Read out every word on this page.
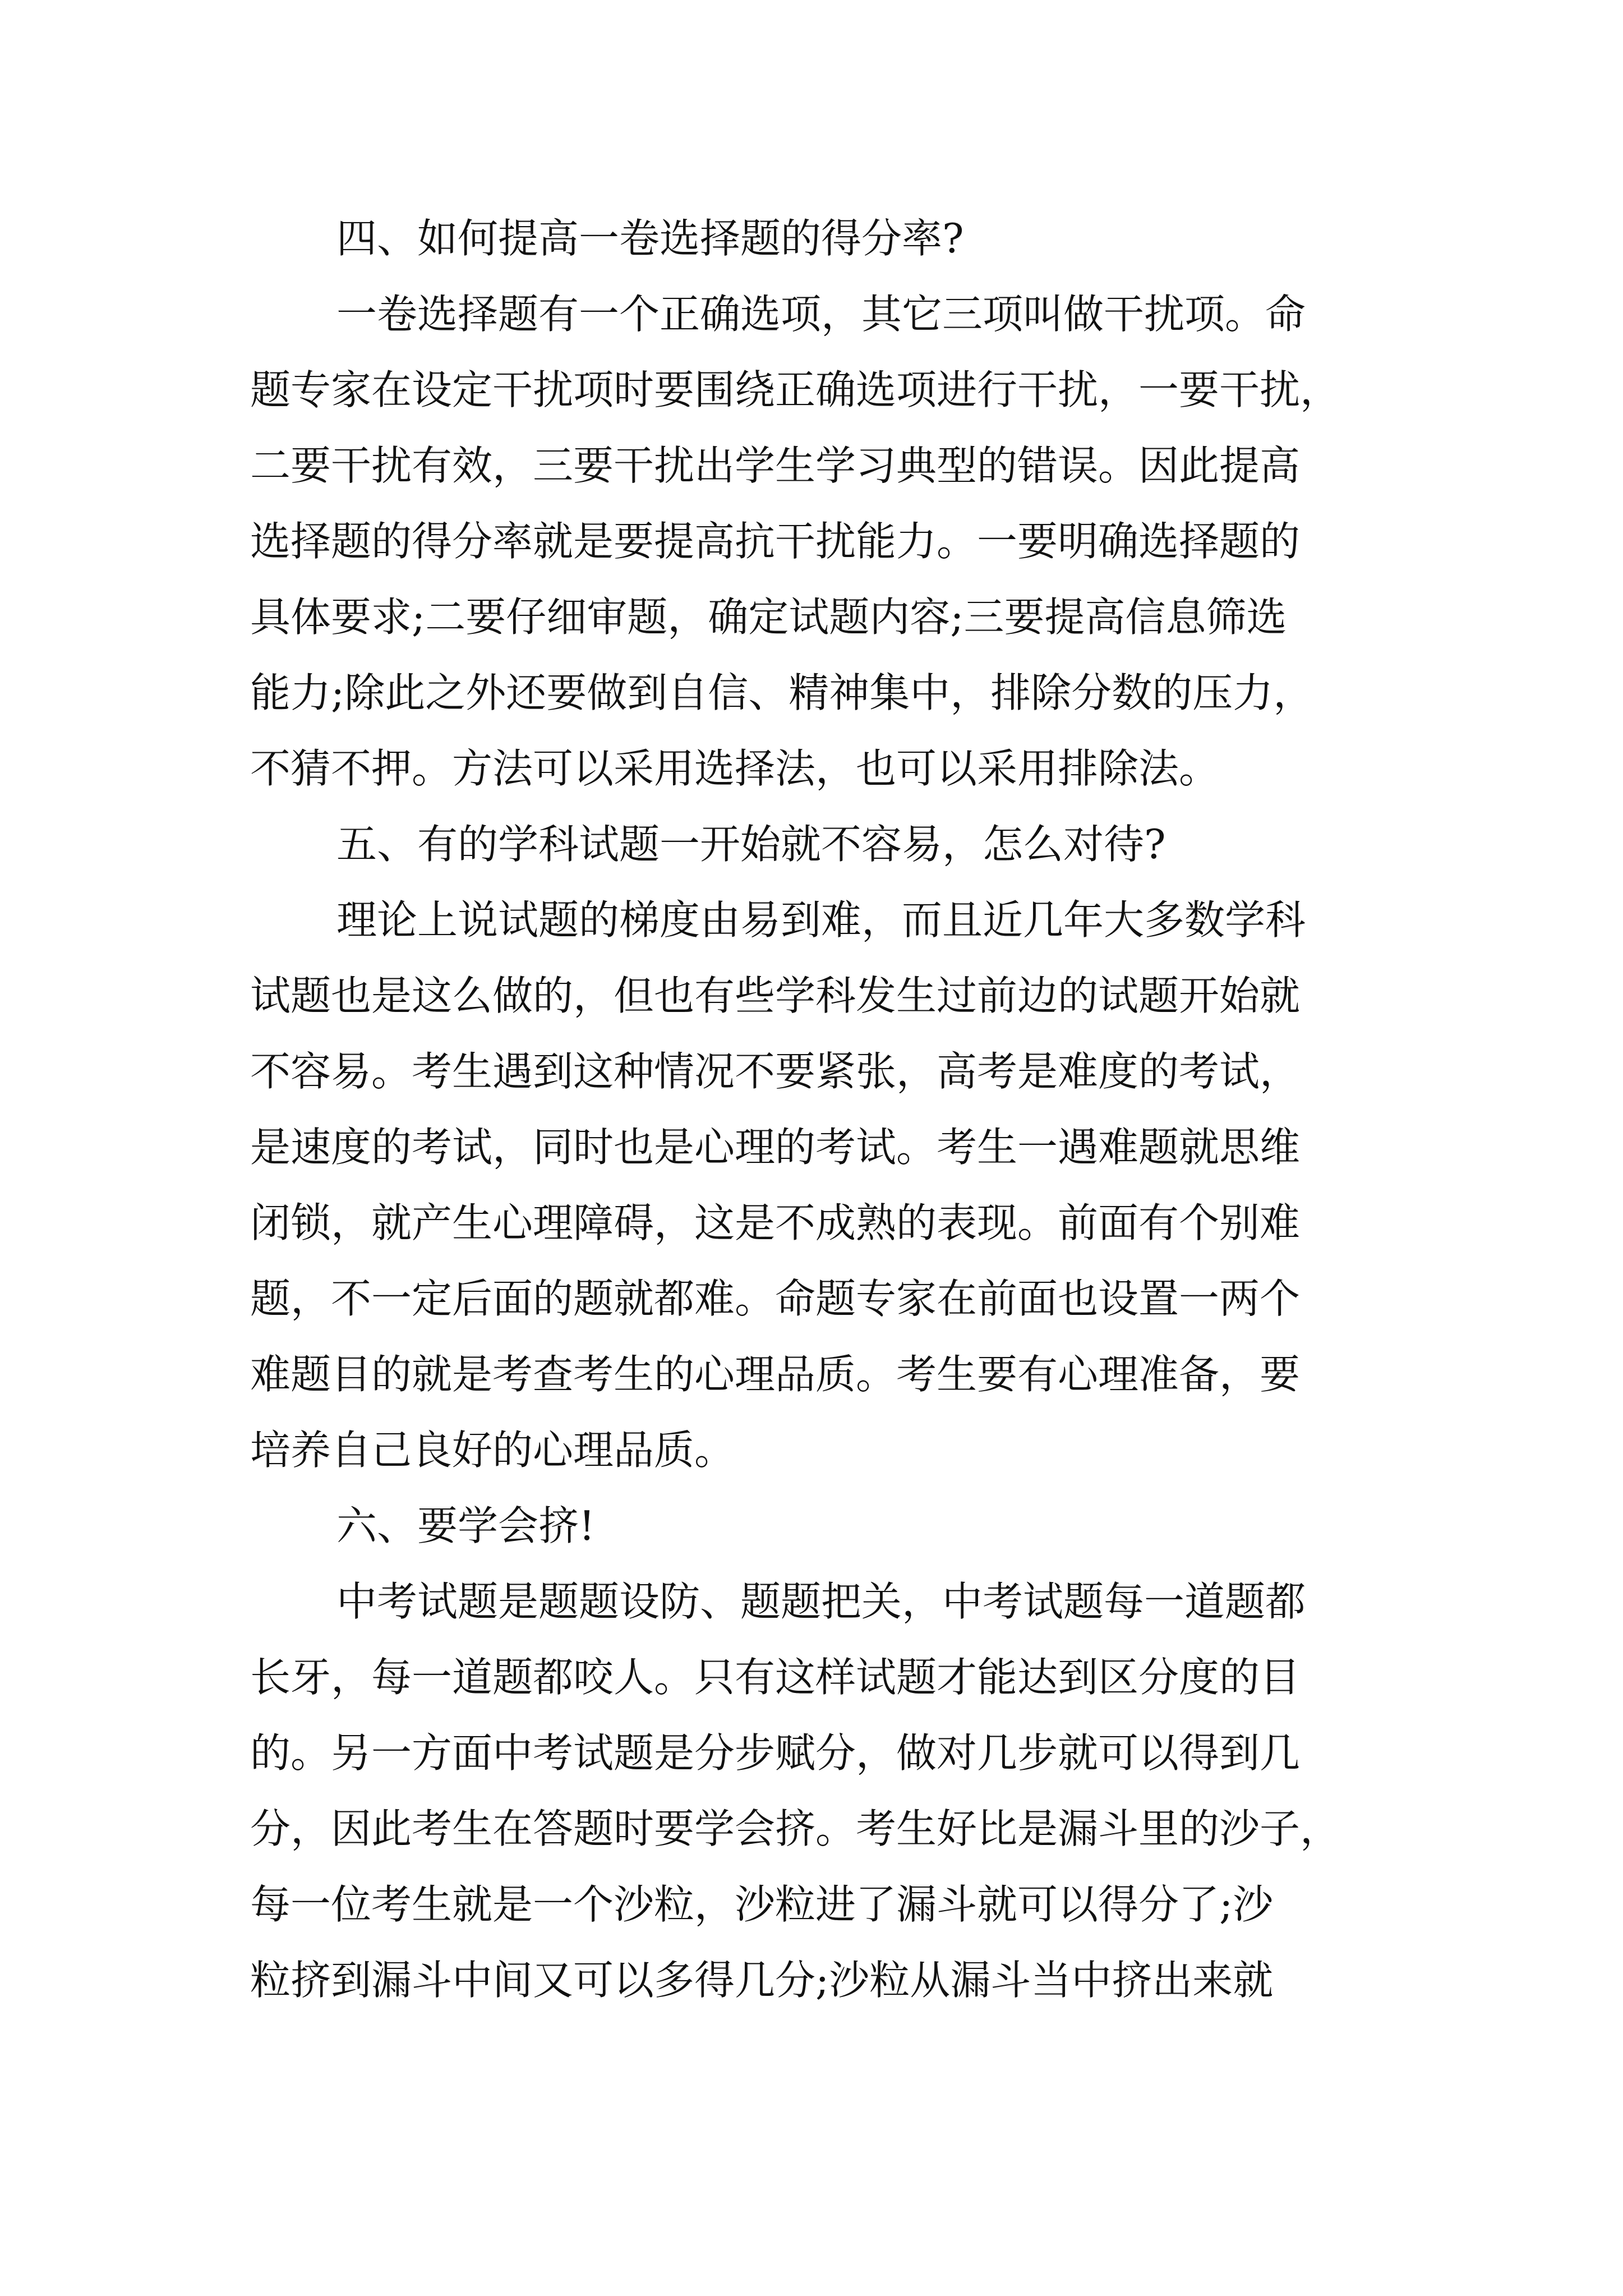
四、如何提高一卷选择题的得分率?
一卷选择题有一个正确选项，其它三项叫做干扰项。命
题专家在设定干扰项时要围绕正确选项进行干扰，一要干扰，
二要干扰有效，三要干扰出学生学习典型的错误。因此提高
选择题的得分率就是要提高抗干扰能力。一要明确选择题的
具体要求;二要仔细审题，确定试题内容;三要提高信息筛选
能力;除此之外还要做到自信、精神集中，排除分数的压力，
不猜不押。方法可以采用选择法，也可以采用排除法。
五、有的学科试题一开始就不容易，怎么对待?
理论上说试题的梯度由易到难，而且近几年大多数学科
试题也是这么做的，但也有些学科发生过前边的试题开始就
不容易。考生遇到这种情况不要紧张，高考是难度的考试，
是速度的考试，同时也是心理的考试。考生一遇难题就思维
闭锁，就产生心理障碍，这是不成熟的表现。前面有个别难
题，不一定后面的题就都难。命题专家在前面也设置一两个
难题目的就是考查考生的心理品质。考生要有心理准备，要
培养自己良好的心理品质。
六、要学会挤!
中考试题是题题设防、题题把关，中考试题每一道题都
长牙，每一道题都咬人。只有这样试题才能达到区分度的目
的。另一方面中考试题是分步赋分，做对几步就可以得到几
分，因此考生在答题时要学会挤。考生好比是漏斗里的沙子，
每一位考生就是一个沙粒，沙粒进了漏斗就可以得分了;沙
粒挤到漏斗中间又可以多得几分;沙粒从漏斗当中挤出来就
